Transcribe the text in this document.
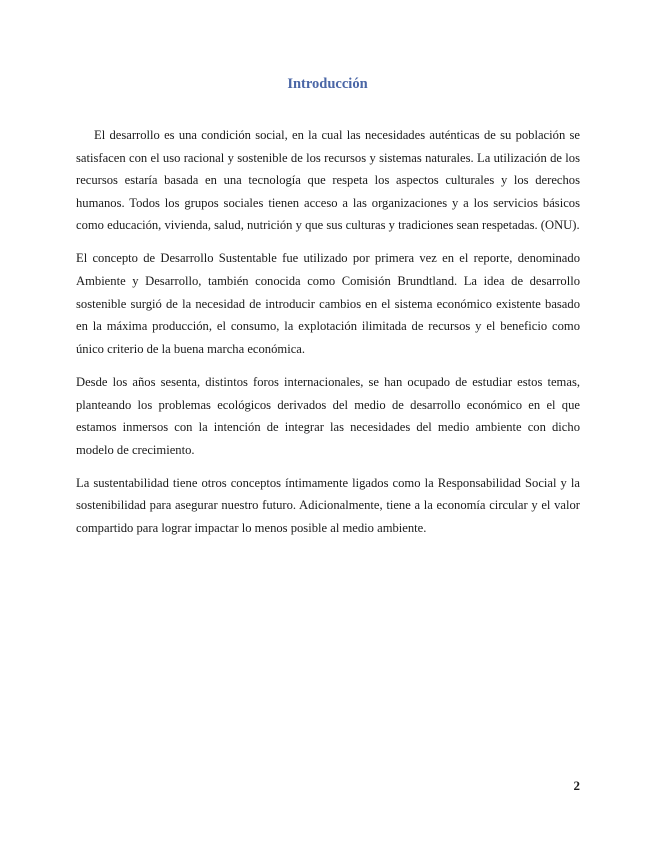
Introducción

El desarrollo es una condición social, en la cual las necesidades auténticas de su población se satisfacen con el uso racional y sostenible de los recursos y sistemas naturales. La utilización de los recursos estaría basada en una tecnología que respeta los aspectos culturales y los derechos humanos. Todos los grupos sociales tienen acceso a las organizaciones y a los servicios básicos como educación, vivienda, salud, nutrición y que sus culturas y tradiciones sean respetadas. (ONU).

El concepto de Desarrollo Sustentable fue utilizado por primera vez en el reporte, denominado Ambiente y Desarrollo, también conocida como Comisión Brundtland. La idea de desarrollo sostenible surgió de la necesidad de introducir cambios en el sistema económico existente basado en la máxima producción, el consumo, la explotación ilimitada de recursos y el beneficio como único criterio de la buena marcha económica.

Desde los años sesenta, distintos foros internacionales, se han ocupado de estudiar estos temas, planteando los problemas ecológicos derivados del medio de desarrollo económico en el que estamos inmersos con la intención de integrar las necesidades del medio ambiente con dicho modelo de crecimiento.

La sustentabilidad tiene otros conceptos íntimamente ligados como la Responsabilidad Social y la sostenibilidad para asegurar nuestro futuro. Adicionalmente, tiene a la economía circular y el valor compartido para lograr impactar lo menos posible al medio ambiente.

2
